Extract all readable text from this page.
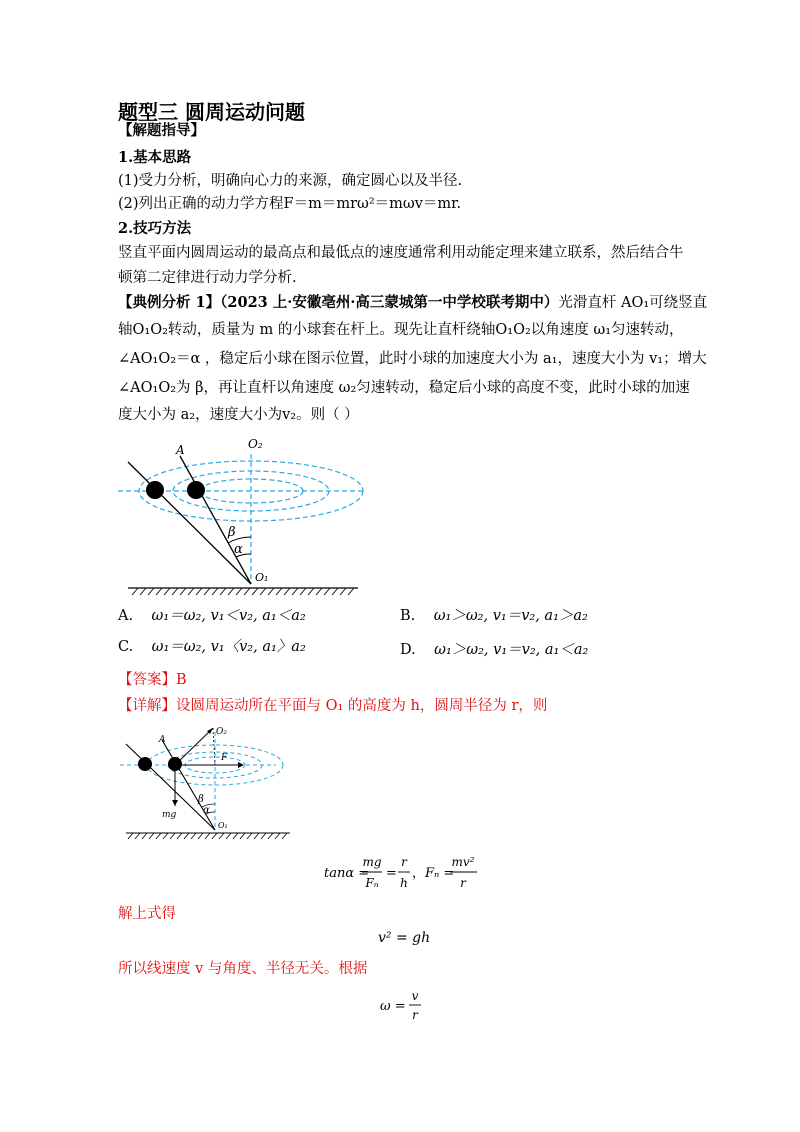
题型三 圆周运动问题
【解题指导】
1.基本思路
(1)受力分析，明确向心力的来源，确定圆心以及半径.
(2)列出正确的动力学方程F＝m＝mrω²＝mωv＝mr.
2.技巧方法
竖直平面内圆周运动的最高点和最低点的速度通常利用动能定理来建立联系，然后结合牛
顿第二定律进行动力学分析.
【典例分析 1】（2023 上·安徽亳州·高三蒙城第一中学校联考期中）光滑直杆 AO₁可绕竖直
轴O₁O₂转动，质量为 m 的小球套在杆上。现先让直杆绕轴O₁O₂以角速度 ω₁匀速转动，
∠AO₁O₂＝α ，稳定后小球在图示位置，此时小球的加速度大小为 a₁，速度大小为 v₁；增大
∠AO₁O₂为 β，再让直杆以角速度 ω₂匀速转动，稳定后小球的高度不变，此时小球的加速
度大小为 a₂，速度大小为v₂。则（ ）
O₂
A
β
α
O₁
A. ω₁＝ω₂, v₁＜v₂, a₁＜a₂	B. ω₁＞ω₂, v₁＝v₂, a₁＞a₂
C. ω₁＝ω₂, v₁〈v₂, a₁〉a₂	D. ω₁＞ω₂, v₁＝v₂, a₁＜a₂
【答案】B
【详解】设圆周运动所在平面与 O₁ 的高度为 h，圆周半径为 r，则
A
O₂
F
mg
β
α
O₁
tanα =
mg
Fₙ
=
r
h
， Fₙ =
mv²
r
解上式得
v² = gh
所以线速度 v 与角度、半径无关。根据
ω =
v
r
